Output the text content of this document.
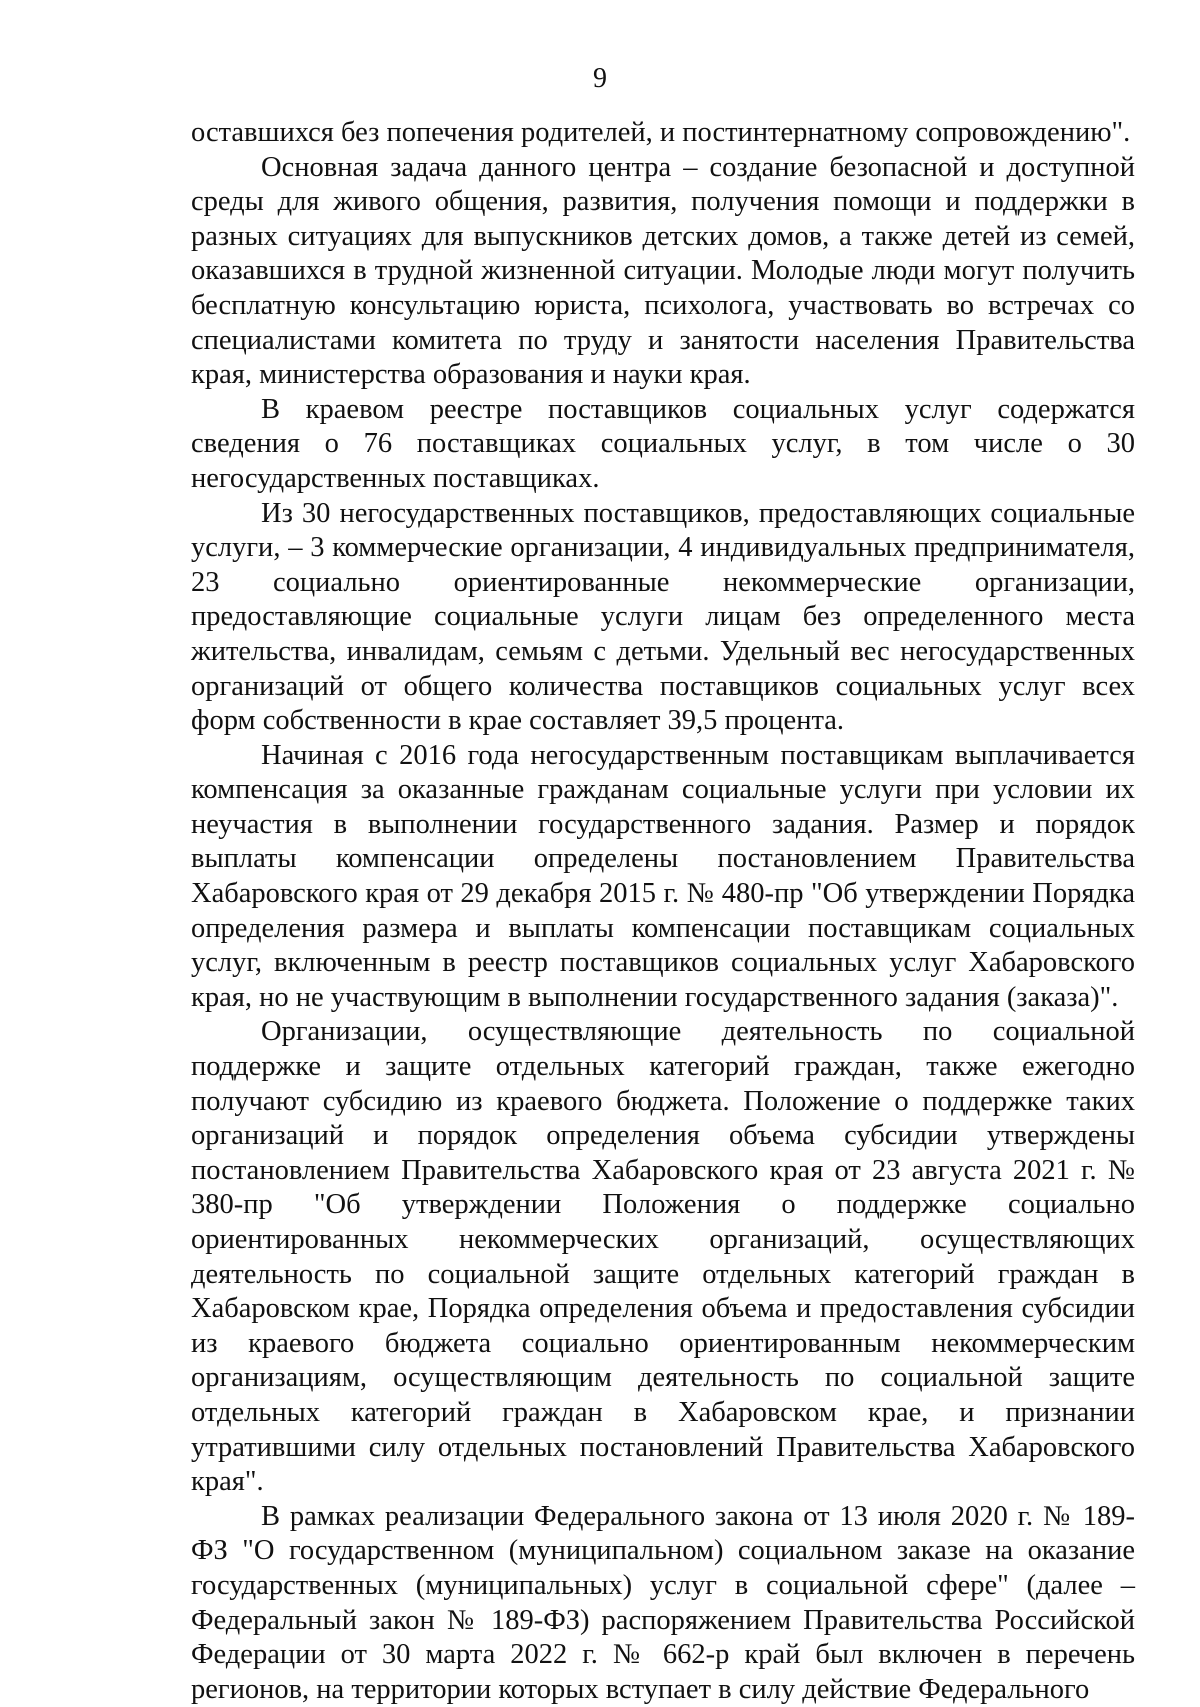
9

оставшихся без попечения родителей, и постинтернатному сопровождению".

Основная задача данного центра – создание безопасной и доступной среды для живого общения, развития, получения помощи и поддержки в разных ситуациях для выпускников детских домов, а также детей из семей, оказавшихся в трудной жизненной ситуации. Молодые люди могут получить бесплатную консультацию юриста, психолога, участвовать во встречах со специалистами комитета по труду и занятости населения Правительства края, министерства образования и науки края.

В краевом реестре поставщиков социальных услуг содержатся сведения о 76 поставщиках социальных услуг, в том числе о 30 негосударственных поставщиках.

Из 30 негосударственных поставщиков, предоставляющих социальные услуги, – 3 коммерческие организации, 4 индивидуальных предпринимателя, 23 социально ориентированные некоммерческие организации, предоставляющие социальные услуги лицам без определенного места жительства, инвалидам, семьям с детьми. Удельный вес негосударственных организаций от общего количества поставщиков социальных услуг всех форм собственности в крае составляет 39,5 процента.

Начиная с 2016 года негосударственным поставщикам выплачивается компенсация за оказанные гражданам социальные услуги при условии их неучастия в выполнении государственного задания. Размер и порядок выплаты компенсации определены постановлением Правительства Хабаровского края от 29 декабря 2015 г. № 480-пр "Об утверждении Порядка определения размера и выплаты компенсации поставщикам социальных услуг, включенным в реестр поставщиков социальных услуг Хабаровского края, но не участвующим в выполнении государственного задания (заказа)".

Организации, осуществляющие деятельность по социальной поддержке и защите отдельных категорий граждан, также ежегодно получают субсидию из краевого бюджета. Положение о поддержке таких организаций и порядок определения объема субсидии утверждены постановлением Правительства Хабаровского края от 23 августа 2021 г. № 380-пр "Об утверждении Положения о поддержке социально ориентированных некоммерческих организаций, осуществляющих деятельность по социальной защите отдельных категорий граждан в Хабаровском крае, Порядка определения объема и предоставления субсидии из краевого бюджета социально ориентированным некоммерческим организациям, осуществляющим деятельность по социальной защите отдельных категорий граждан в Хабаровском крае, и признании утратившими силу отдельных постановлений Правительства Хабаровского края".

В рамках реализации Федерального закона от 13 июля 2020 г. № 189-ФЗ "О государственном (муниципальном) социальном заказе на оказание государственных (муниципальных) услуг в социальной сфере" (далее – Федеральный закон № 189-ФЗ) распоряжением Правительства Российской Федерации от 30 марта 2022 г. № 662-р край был включен в перечень регионов, на территории которых вступает в силу действие Федерального
